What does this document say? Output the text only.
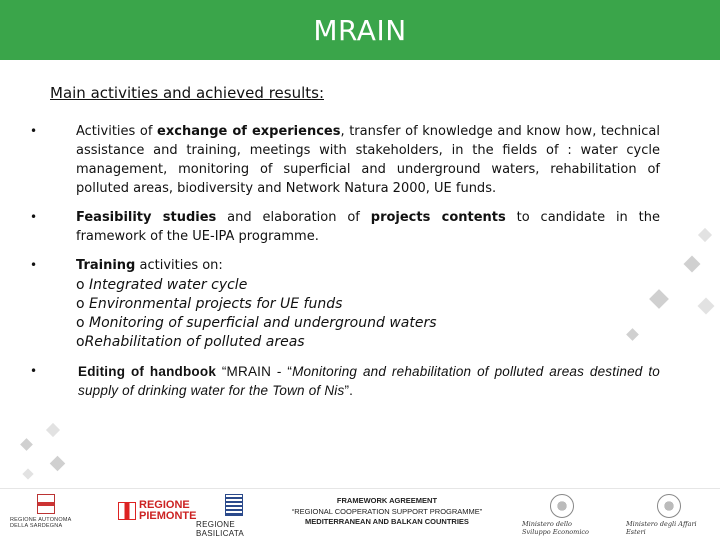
MRAIN
Main activities and achieved results:
•	Activities of exchange of experiences, transfer of knowledge and know how, technical assistance and training, meetings with stakeholders, in the fields of : water cycle management, monitoring of superficial and underground waters, rehabilitation of polluted areas, biodiversity and Network Natura 2000, UE funds.
•	Feasibility studies and elaboration of projects contents to candidate in the framework of the UE-IPA programme.
•	Training activities on:
o Integrated water cycle
o Environmental projects for UE funds
o Monitoring of superficial and underground waters
oRehabilitation of polluted areas
•	Editing of handbook “MRAIN - “Monitoring and rehabilitation of polluted areas destined to supply of drinking water for the Town of Nis”.
REGIONE AUTONOMA DELLA SARDEGNA
REGIONE
PIEMONTE
REGIONE BASILICATA
FRAMEWORK AGREEMENT
“REGIONAL COOPERATION SUPPORT PROGRAMME”
MEDITERRANEAN AND BALKAN COUNTRIES	Ministero dello Sviluppo Economico
Ministero degli Affari Esteri
